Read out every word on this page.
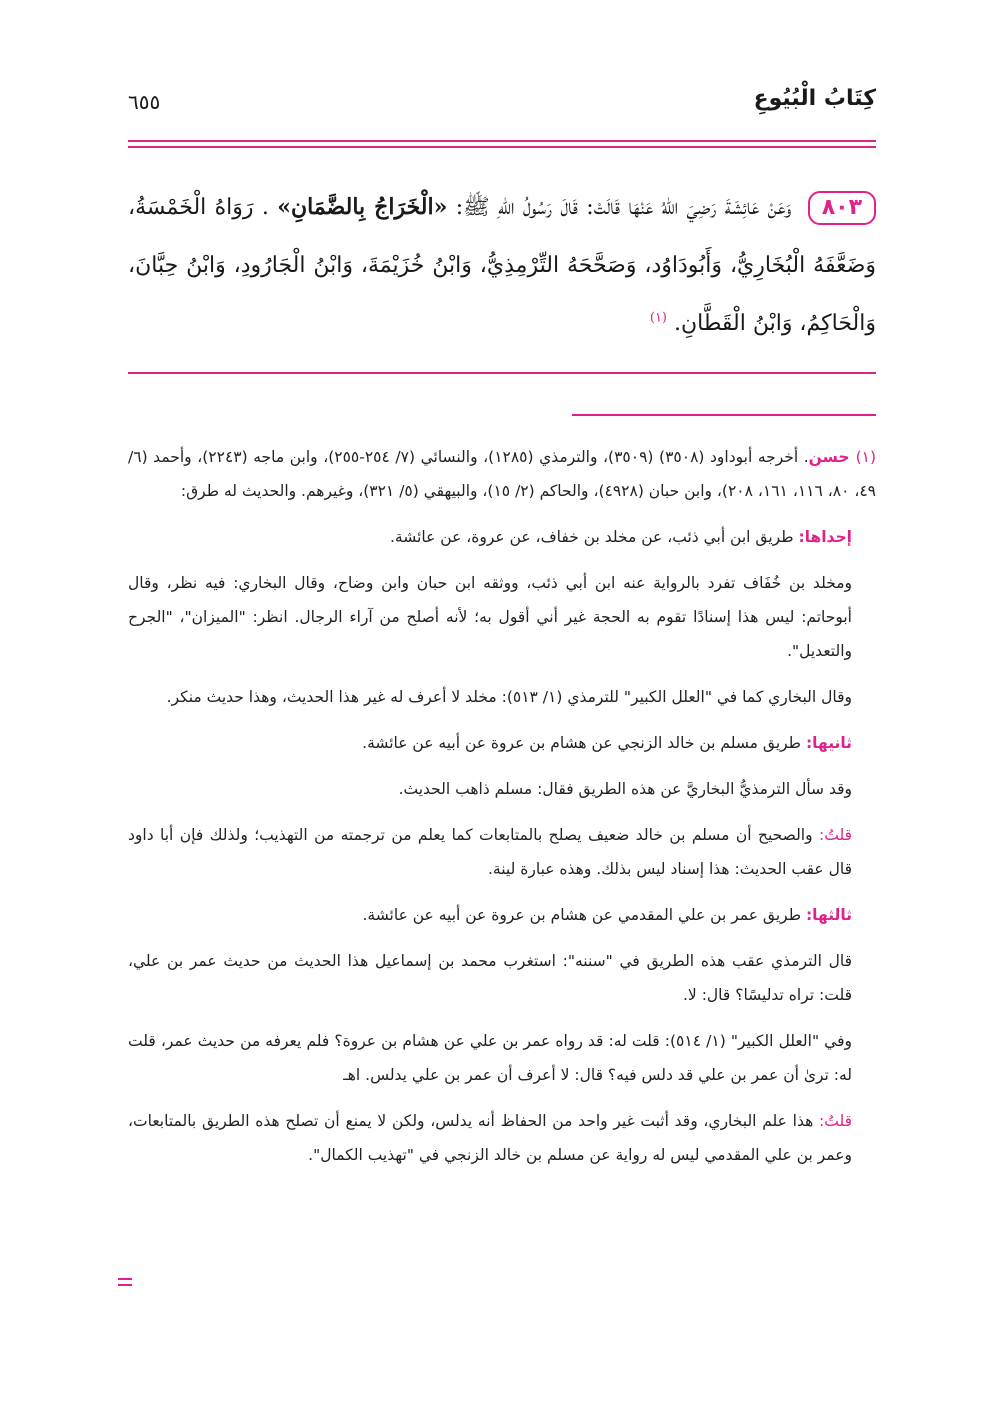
كِتَابُ الْبُيُوعِ
٦٥٥
٨٠٣ وَعَنْ عَائِشَةَ رَضِيَ اللهُ عَنْهَا قَالَتْ: قَالَ رَسُولُ اللهِ ﷺ: «الْخَرَاجُ بِالضَّمَانِ» . رَوَاهُ الْخَمْسَةُ، وَضَعَّفَهُ الْبُخَارِيُّ، وَأَبُودَاوُد، وَصَحَّحَهُ التِّرْمِذِيُّ، وَابْنُ خُزَيْمَةَ، وَابْنُ الْجَارُودِ، وَابْنُ حِبَّانَ، وَالْحَاكِمُ، وَابْنُ الْقَطَّانِ. $^{(١)}$

(١)حسن. أخرجه أبوداود (٣٥٠٨) (٣٥٠٩)، والترمذي (١٢٨٥)، والنسائي (٧/ ٢٥٤-٢٥٥)، وابن ماجه (٢٢٤٣)، وأحمد (٦/ ٤٩، ٨٠، ١١٦، ١٦١، ٢٠٨)، وابن حبان (٤٩٢٨)، والحاكم (٢/ ١٥)، والبيهقي (٥/ ٣٢١)، وغيرهم. والحديث له طرق:

إحداها: طريق ابن أبي ذئب، عن مخلد بن خفاف، عن عروة، عن عائشة.

ومخلد بن خُفَاف تفرد بالرواية عنه ابن أبي ذئب، ووثقه ابن حبان وابن وضاح، وقال البخاري: فيه نظر، وقال أبوحاتم: ليس هذا إسنادًا تقوم به الحجة غير أني أقول به؛ لأنه أصلح من آراء الرجال. انظر: "الميزان"، "الجرح والتعديل".

وقال البخاري كما في "العلل الكبير" للترمذي (١/ ٥١٣): مخلد لا أعرف له غير هذا الحديث، وهذا حديث منكر.

ثانيها: طريق مسلم بن خالد الزنجي عن هشام بن عروة عن أبيه عن عائشة.

وقد سأل الترمذيُّ البخاريَّ عن هذه الطريق فقال: مسلم ذاهب الحديث.

قلتُ: والصحيح أن مسلم بن خالد ضعيف يصلح بالمتابعات كما يعلم من ترجمته من التهذيب؛ ولذلك فإن أبا داود قال عقب الحديث: هذا إسناد ليس بذلك. وهذه عبارة لينة.

ثالثها: طريق عمر بن علي المقدمي عن هشام بن عروة عن أبيه عن عائشة.

قال الترمذي عقب هذه الطريق في "سننه": استغرب محمد بن إسماعيل هذا الحديث من حديث عمر بن علي، قلت: تراه تدليسًا؟ قال: لا.

وفي "العلل الكبير" (١/ ٥١٤): قلت له: قد رواه عمر بن علي عن هشام بن عروة؟ فلم يعرفه من حديث عمر، قلت له: ترىٰ أن عمر بن علي قد دلس فيه؟ قال: لا أعرف أن عمر بن علي يدلس. اهـ

قلتُ: هذا علم البخاري، وقد أثبت غير واحد من الحفاظ أنه يدلس، ولكن لا يمنع أن تصلح هذه الطريق بالمتابعات، وعمر بن علي المقدمي ليس له رواية عن مسلم بن خالد الزنجي في "تهذيب الكمال".
